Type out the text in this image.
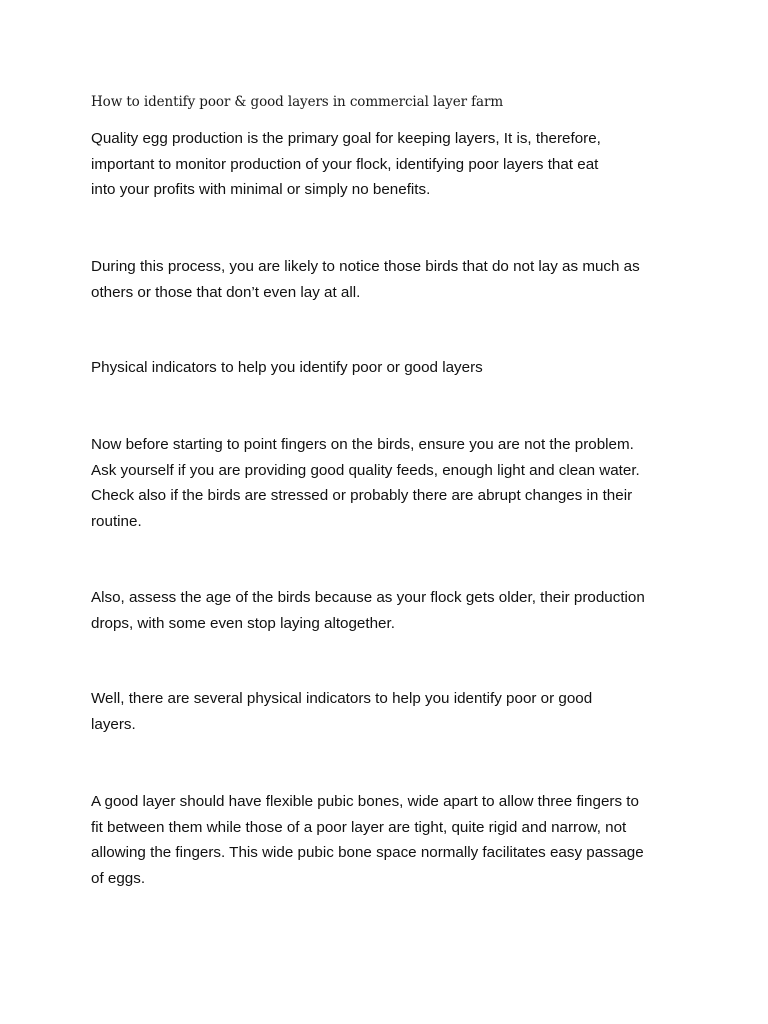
How to identify poor & good layers in commercial layer farm
Quality egg production is the primary goal for keeping layers, It is, therefore,
important to monitor production of your flock, identifying poor layers that eat
into your profits with minimal or simply no benefits.
During this process, you are likely to notice those birds that do not lay as much as
others or those that don’t even lay at all.
Physical indicators to help you identify poor or good layers
Now before starting to point fingers on the birds, ensure you are not the problem.
Ask yourself if you are providing good quality feeds, enough light and clean water.
Check also if the birds are stressed or probably there are abrupt changes in their
routine.
Also, assess the age of the birds because as your flock gets older, their production
drops, with some even stop laying altogether.
Well, there are several physical indicators to help you identify poor or good
layers.
A good layer should have flexible pubic bones, wide apart to allow three fingers to
fit between them while those of a poor layer are tight, quite rigid and narrow, not
allowing the fingers. This wide pubic bone space normally facilitates easy passage
of eggs.
